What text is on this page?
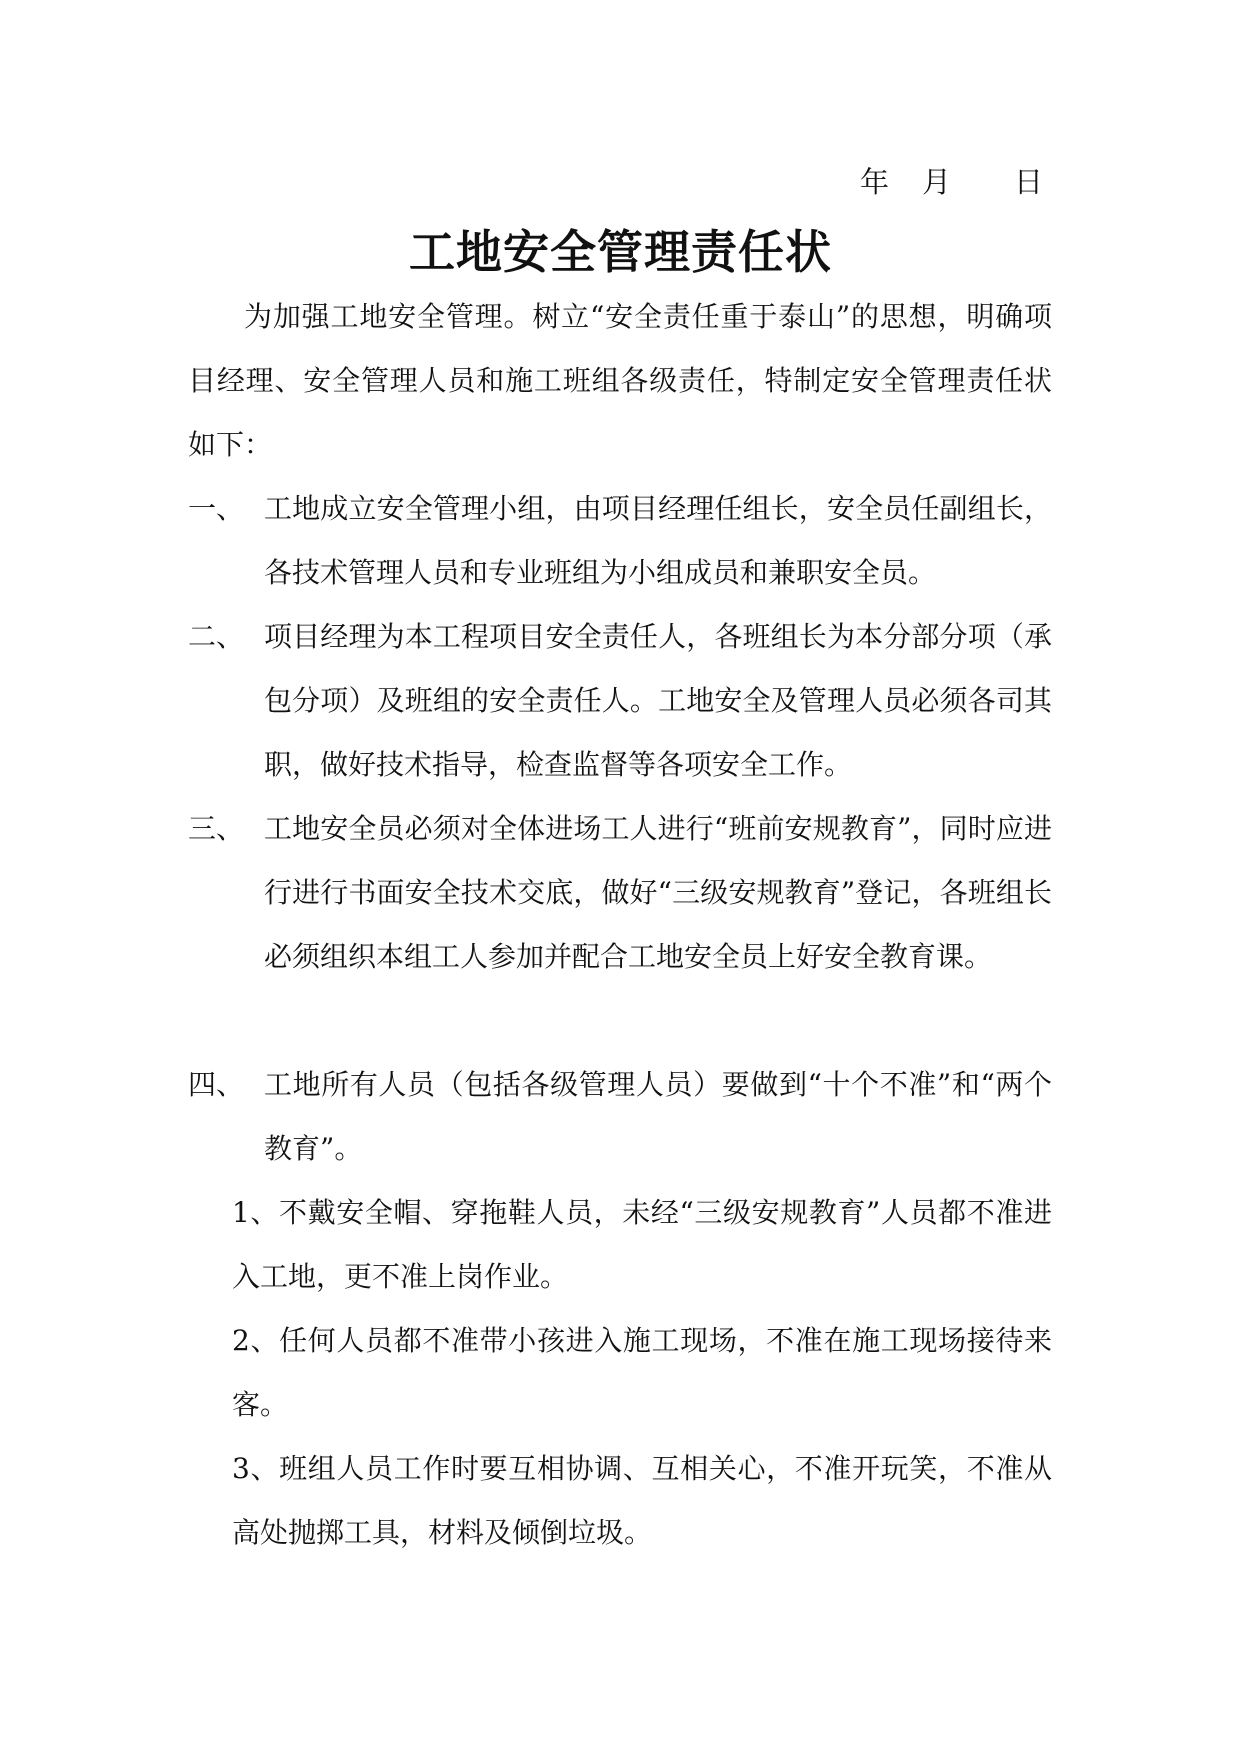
年 月 日
工地安全管理责任状

为加强工地安全管理。树立“安全责任重于泰山”的思想，明确项目经理、安全管理人员和施工班组各级责任，特制定安全管理责任状如下：

一、 工地成立安全管理小组，由项目经理任组长，安全员任副组长，各技术管理人员和专业班组为小组成员和兼职安全员。
二、 项目经理为本工程项目安全责任人，各班组长为本分部分项（承包分项）及班组的安全责任人。工地安全及管理人员必须各司其职，做好技术指导，检查监督等各项安全工作。
三、 工地安全员必须对全体进场工人进行“班前安规教育”，同时应进行进行书面安全技术交底，做好“三级安规教育”登记，各班组长必须组织本组工人参加并配合工地安全员上好安全教育课。
四、 工地所有人员（包括各级管理人员）要做到“十个不准”和“两个教育”。

1、不戴安全帽、穿拖鞋人员，未经“三级安规教育”人员都不准进入工地，更不准上岗作业。

2、任何人员都不准带小孩进入施工现场，不准在施工现场接待来客。

3、班组人员工作时要互相协调、互相关心，不准开玩笑，不准从高处抛掷工具，材料及倾倒垃圾。
